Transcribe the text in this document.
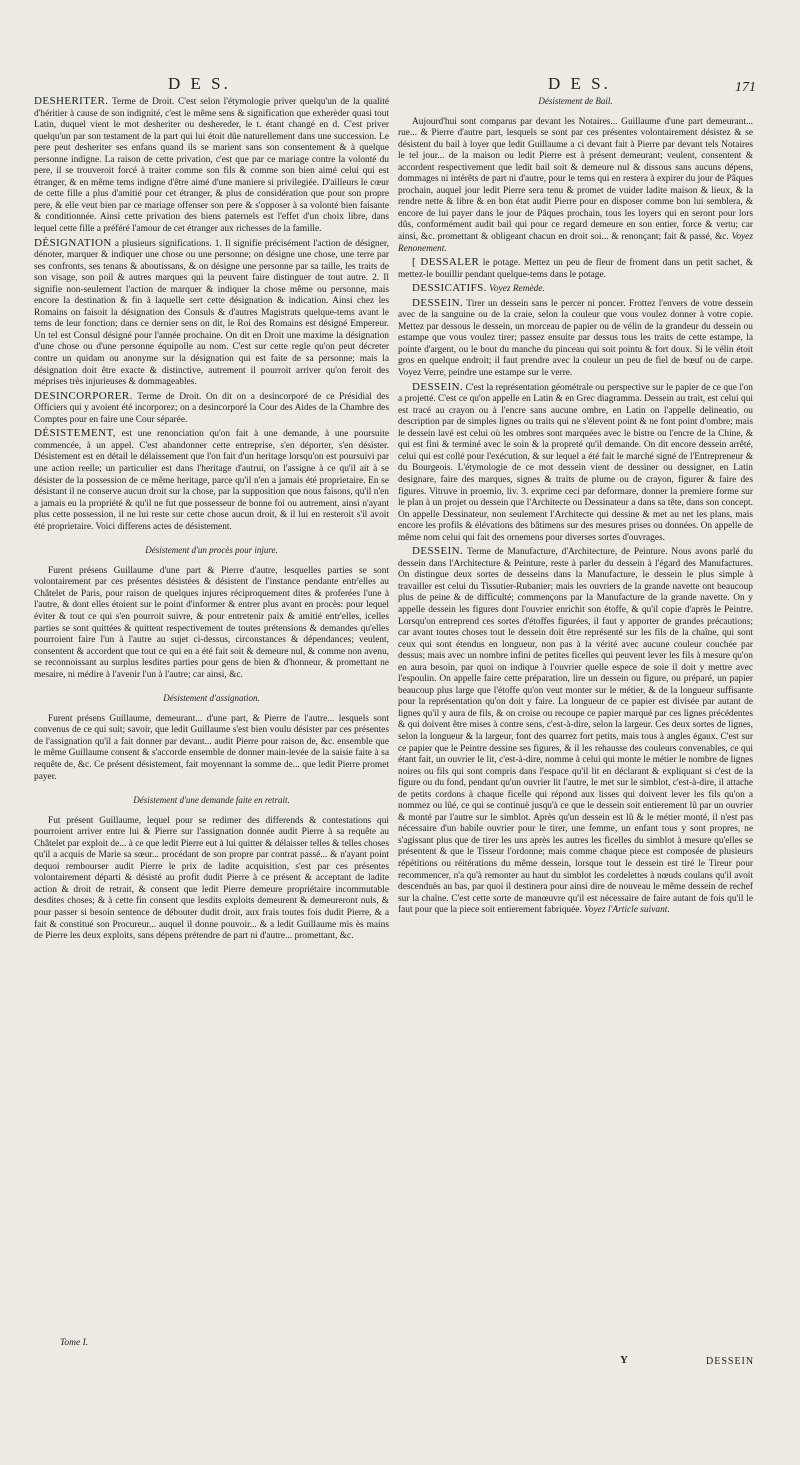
D E S.	D E S.	171

DESHERITER. Terme de Droit. C'est selon l'étymologie priver quelqu'un de la qualité d'héritier à cause de son indignité, c'est le même sens & signification que exherèder quasi tout Latin, duquel vient le mot desheriter ou deshereder, le t. étant changé en d. C'est priver quelqu'un par son testament de la part qui lui étoit dûe naturellement dans une succession. Le pere peut desheriter ses enfans quand ils se marient sans son consentement & à quelque personne indigne. La raison de cette privation, c'est que par ce mariage contre la volonté du pere, il se trouveroit forcé à traiter comme son fils & comme son bien aimé celui qui est étranger, & en même tems indigne d'être aimé d'une maniere si privilegiée. D'ailleurs le cœur de cette fille a plus d'amitié pour cet étranger, & plus de considération que pour son propre pere, & elle veut bien par ce mariage offenser son pere & s'opposer à sa volonté bien faisante & conditionnée. Ainsi cette privation des biens paternels est l'effet d'un choix libre, dans lequel cette fille a préféré l'amour de cet étranger aux richesses de la famille.

DÉSIGNATION a plusieurs significations. 1. Il signifie précisément l'action de désigner, dénoter, marquer & indiquer une chose ou une personne; on désigne une chose, une terre par ses confronts, ses tenans & aboutissans, & on désigne une personne par sa taille, les traits de son visage, son poil & autres marques qui la peuvent faire distinguer de tout autre. 2. Il signifie non-seulement l'action de marquer & indiquer la chose même ou personne, mais encore la destination & fin à laquelle sert cette désignation & indication. Ainsi chez les Romains on faisoit la désignation des Consuls & d'autres Magistrats quelque-tems avant le tems de leur fonction; dans ce dernier sens on dit, le Roi des Romains est désigné Empereur. Un tel est Consul désigné pour l'année prochaine. On dit en Droit une maxime la désignation d'une chose ou d'une personne équipolle au nom. C'est sur cette regle qu'on peut décreter contre un quidam ou anonyme sur la désignation qui est faite de sa personne; mais la désignation doit être exacte & distinctive, autrement il pourroit arriver qu'on feroit des méprises très injurieuses & dommageables.

DESINCORPORER. Terme de Droit. On dit on a desincorporé de ce Présidial des Officiers qui y avoient été incorporez; on a desincorporé la Cour des Aides de la Chambre des Comptes pour en faire une Cour séparée.

DÉSISTEMENT, est une renonciation qu'on fait à une demande, à une poursuite commencée, à un appel. C'est abandonner cette entreprise, s'en déporter, s'en désister. Désistement est en détail le délaissement que l'on fait d'un heritage lorsqu'on est poursuivi par une action reelle; un particulier est dans l'heritage d'autrui, on l'assigne à ce qu'il ait à se désister de la possession de ce même heritage, parce qu'il n'en a jamais été proprietaire. En se désistant il ne conserve aucun droit sur la chose, par la supposition que nous faisons, qu'il n'en a jamais eu la propriété & qu'il ne fut que possesseur de bonne foi ou autrement, ainsi n'ayant plus cette possession, il ne lui reste sur cette chose aucun droit, & il lui en resteroit s'il avoit été proprietaire. Voici differens actes de désistement.

Désistement d'un procès pour injure.

Furent présens Guillaume d'une part & Pierre d'autre, lesquelles parties se sont volontairement par ces présentes désistées & désistent de l'instance pendante entr'elles au Châtelet de Paris, pour raison de quelques injures réciproquement dites & proferées l'une à l'autre, & dont elles étoient sur le point d'informer & entrer plus avant en procès: pour lequel éviter & tout ce qui s'en pourroit suivre, & pour entretenir paix & amitié entr'elles, icelles parties se sont quittées & quittent respectivement de toutes prétensions & demandes qu'elles pourroient faire l'un à l'autre au sujet ci-dessus, circonstances & dépendances; veulent, consentent & accordent que tout ce qui en a été fait soit & demeure nul, & comme non avenu, se reconnoissant au surplus lesdites parties pour gens de bien & d'honneur, & promettant ne mesaire, ni médire à l'avenir l'un à l'autre; car ainsi, &c.

Désistement d'assignation.

Furent présens Guillaume, demeurant... d'une part, & Pierre de l'autre... lesquels sont convenus de ce qui suit; savoir, que ledit Guillaume s'est bien voulu désister par ces présentes de l'assignation qu'il a fait donner par devant... audit Pierre pour raison de, &c. ensemble que le même Guillaume consent & s'accorde ensemble de donner main-levée de la saisie faite à sa requête de, &c. Ce présent désistement, fait moyennant la somme de... que ledit Pierre promet payer.

Désistement d'une demande faite en retrait.

Fut présent Guillaume, lequel pour se redimer des differends & contestations qui pourroient arriver entre lui & Pierre sur l'assignation donnée audit Pierre à sa requête au Châtelet par exploit de... à ce que ledit Pierre eut à lui quitter & délaisser telles & telles choses qu'il a acquis de Marie sa sœur... procédant de son propre par contrat passé... & n'ayant point dequoi rembourser audit Pierre le prix de ladite acquisition, s'est par ces présentes volontairement départi & désisté au profit dudit Pierre à ce présent & acceptant de ladite action & droit de retrait, & consent que ledit Pierre demeure propriétaire incommutable desdites choses; & à cette fin consent que lesdits exploits demeurent & demeureront nuls, & pour passer si besoin sentence de débouter dudit droit, aux frais toutes fois dudit Pierre, & a fait & constitué son Procureur... auquel il donne pouvoir... & a ledit Guillaume mis ès mains de Pierre les deux exploits, sans dépens prétendre de part ni d'autre... promettant, &c.

Désistement de Bail.

Aujourd'hui sont comparus par devant les Notaires... Guillaume d'une part demeurant... rue... & Pierre d'autre part, lesquels se sont par ces présentes volontairement désistez & se désistent du bail à loyer que ledit Guillaume a ci devant fait à Pierre par devant tels Notaires le tel jour... de la maison ou ledit Pierre est à présent demeurant; veulent, consentent & accordent respectivement que ledit bail soit & demeure nul & dissous sans aucuns dépens, dommages ni intérêts de part ni d'autre, pour le tems qui en restera à expirer du jour de Pâques prochain, auquel jour ledit Pierre sera tenu & promet de vuider ladite maison & lieux, & la rendre nette & libre & en bon état audit Pierre pour en disposer comme bon lui semblera, & encore de lui payer dans le jour de Pâques prochain, tous les loyers qui en seront pour lors dûs, conformément audit bail qui pour ce regard demeure en son entier, force & vertu; car ainsi, &c. promettant & obligeant chacun en droit soi... & renonçant; fait & passé, &c. Voyez Renonement.

[ DESSALER le potage. Mettez un peu de fleur de froment dans un petit sachet, & mettez-le bouillir pendant quelque-tems dans le potage.

DESSICATIFS. Voyez Remède.

DESSEIN. Tirer un dessein sans le percer ni poncer. Frottez l'envers de votre dessein avec de la sanguine ou de la craie, selon la couleur que vous voulez donner à votre copie. Mettez par dessous le dessein, un morceau de papier ou de vélin de la grandeur du dessein ou estampe que vous voulez tirer; passez ensuite par dessus tous les traits de cette estampe, la pointe d'argent, ou le bout du manche du pinceau qui soit pointu & fort doux. Si le vélin étoit gros en quelque endroit; il faut prendre avec la couleur un peu de fiel de bœuf ou de carpe. Voyez Verre, peindre une estampe sur le verre.

DESSEIN. C'est la représentation géométrale ou perspective sur le papier de ce que l'on a projetté. C'est ce qu'on appelle en Latin & en Grec diagramma. Dessein au trait, est celui qui est tracé au crayon ou à l'encre sans aucune ombre, en Latin on l'appelle delineatio, ou description par de simples lignes ou traits qui ne s'élevent point & ne font point d'ombre; mais le dessein lavé est celui où les ombres sont marquées avec le bistre ou l'encre de la Chine, & qui est fini & terminé avec le soin & la propreté qu'il demande. On dit encore dessein arrêté, celui qui est collé pour l'exécution, & sur lequel a été fait le marché signé de l'Entrepreneur & du Bourgeois. L'étymologie de ce mot dessein vient de dessiner ou dessigner, en Latin designare, faire des marques, signes & traits de plume ou de crayon, figurer & faire des figures. Vitruve in proemio, liv. 3. exprime ceci par deformare, donner la premiere forme sur le plan à un projet ou dessein que l'Architecte ou Dessinateur a dans sa tête, dans son concept. On appelle Dessinateur, non seulement l'Architecte qui dessine & met au net les plans, mais encore les profils & élévations des bâtimens sur des mesures prises ou données. On appelle de même nom celui qui fait des ornemens pour diverses sortes d'ouvrages.

DESSEIN. Terme de Manufacture, d'Architecture, de Peinture. Nous avons parlé du dessein dans l'Architecture & Peinture, reste à parler du dessein à l'égard des Manufactures. On distingue deux sortes de desseins dans la Manufacture, le dessein le plus simple à travailler est celui du Tissutier-Rubanier; mais les ouvriers de la grande navette ont beaucoup plus de peine & de difficulté; commençons par la Manufacture de la grande navette. On y appelle dessein les figures dont l'ouvrier enrichit son étoffe, & qu'il copie d'après le Peintre. Lorsqu'on entreprend ces sortes d'étoffes figurées, il faut y apporter de grandes précautions; car avant toutes choses tout le dessein doit être représenté sur les fils de la chaîne, qui sont ceux qui sont étendus en longueur, non pas à la vérité avec aucune couleur couchée par dessus; mais avec un nombre infini de petites ficelles qui peuvent lever les fils à mesure qu'on en aura besoin, par quoi on indique à l'ouvrier quelle espece de soie il doit y mettre avec l'espoulin. On appelle faire cette préparation, lire un dessein ou figure, ou préparé, un papier beaucoup plus large que l'étoffe qu'on veut monter sur le métier, & de la longueur suffisante pour la représentation qu'on doit y faire. La longueur de ce papier est divisée par autant de lignes qu'il y aura de fils, & on croise ou recoupe ce papier marqué par ces lignes précédentes & qui doivent être mises à contre sens, c'est-à-dire, selon la largeur. Ces deux sortes de lignes, selon la longueur & la largeur, font des quarrez fort petits, mais tous à angles égaux. C'est sur ce papier que le Peintre dessine ses figures, & il les rehausse des couleurs convenables, ce qui étant fait, un ouvrier le lit, c'est-à-dire, nomme à celui qui monte le métier le nombre de lignes noires ou fils qui sont compris dans l'espace qu'il lit en déclarant & expliquant si c'est de la figure ou du fond, pendant qu'un ouvrier lit l'autre, le met sur le simblot, c'est-à-dire, il attache de petits cordons à chaque ficelle qui répond aux lisses qui doivent lever les fils qu'on a nommez ou lûé, ce qui se continuë jusqu'à ce que le dessein soit entierement lû par un ouvrier & monté par l'autre sur le simblot. Après qu'un dessein est lû & le métier monté, il n'est pas nécessaire d'un habile ouvrier pour le tirer, une femme, un enfant tous y sont propres, ne s'agissant plus que de tirer les uns après les autres les ficelles du simblot à mesure qu'elles se présentent & que le Tisseur l'ordonne; mais comme chaque piece est composée de plusieurs répétitions ou réitérations du même dessein, lorsque tout le dessein est tiré le Tireur pour recommencer, n'a qu'à remonter au haut du simblot les cordelettes à nœuds coulans qu'il avoit descenduës au bas, par quoi il destinera pour ainsi dire de nouveau le même dessein de rechef sur la chaîne. C'est cette sorte de manœuvre qu'il est nécessaire de faire autant de fois qu'il le faut pour que la piece soit entierement fabriquée. Voyez l'Article suivant.

Tome I.
Y	DESSEIN
